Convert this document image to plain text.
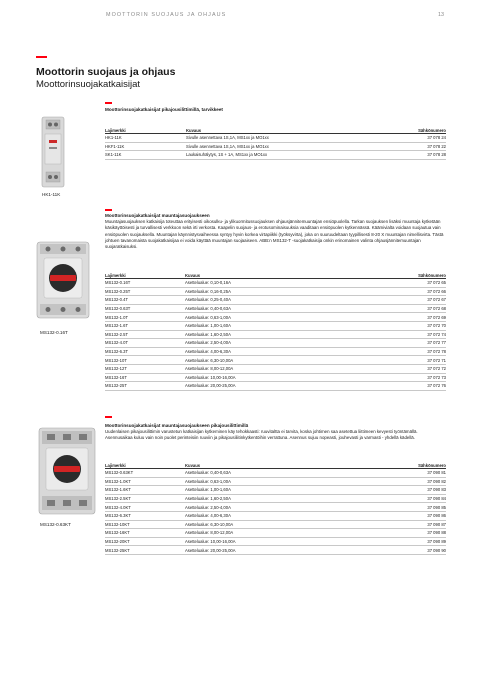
MOOTTORIN SUOJAUS JA OHJAUS	13
Moottorin suojaus ja ohjaus
Moottorinsuojakatkaisijat
Moottorinsuojakatkaisijat pikajousilittimillä, tarvikkeet
HK1-11K
Lajimerkki	Kuvaus	Sähkönumero
HK1-11K	Sivulle asennettava 1S,1A, MS1xx ja MO1xx	37 078 24
HKF1-11K	Sivulle asennettava 1S,1A, MS1xx ja MO1xx	37 078 22
SK1-11K	Laukaisuhälytys, 1S + 1A, MS1xx ja MO1xx	37 078 28
Moottorinsuojakatkaisijat mauntajasuojaukseen
Muuntajasuojauksen katkaisija toteuttaa erityisesti oikosulku- ja ylikuormitussuojauksen ohjausjännitemuuntajan ensiöpuolella. Tarkan suojauksen lisäksi muuntaja kytketään käsikäyttöisesti ja turvallisesti verkkoon sekä irti verkosta. Kaapelin suojaus- ja erotusominaisuuksia vaaditaan ensiöpuolen kytkennässä. Käämivialta voidaan suojautua vain ensiöpuolen suojauksella. Muuntajan käynnistysvaiheessa syntyy hyvin korkea virtapiikki (työksyvirta), joka on suuruudeltaan tyypillisesti 8-20 X muuntajan nimellisvirta. Tästä johtuen tavanomaista suojakatkaisijaa ei voida käyttää muuntajan suojaaiseen. ABB:n MS132-T -suojakatkaisija onkin erinomainen valinta ohjausjännitemuuntajan suojaratkaisuksi.
MS132-0.16T
Lajimerkki	Kuvaus	Sähkönumero
MS132-0.16T	Asettelualue: 0,10-0,16A	37 072 65
MS132-0.25T	Asettelualue: 0,16-0,25A	37 072 66
MS132-0.4T	Asettelualue: 0,25-0,40A	37 072 67
MS132-0.63T	Asettelualue: 0,40-0,63A	37 072 68
MS132-1.0T	Asettelualue: 0,63-1,00A	37 072 69
MS132-1.6T	Asettelualue: 1,00-1,60A	37 072 70
MS132-2.5T	Asettelualue: 1,60-2,50A	37 072 74
MS132-4.0T	Asettelualue: 2,50-4,00A	37 072 77
MS132-6.3T	Asettelualue: 4,00-6,30A	37 072 78
MS132-10T	Asettelualue: 6,30-10,00A	37 072 71
MS132-12T	Asettelualue: 8,00-12,00A	37 072 72
MS132-16T	Asettelualue: 10,00-16,00A	37 072 73
MS132-25T	Asettelualue: 20,00-25,00A	37 072 76
Moottorinsuojakatkaisijat mauntajasuojaukseen pikajousilittimillä
Uudenlaisen pikajousilittimin varustetun katkaisijan kytkeminen käy tehokkaasti: ruuvitaltta ei tarvita, koska johtimen saa asetettua liittimeen kevyesti työntämällä. Asennusaikaa kuluu vain noin puolet perinteisiin ruuviin ja pikajousiliitinkytkentöihin verrattuna. Asennus sujuu nopeasti, jouhevasti ja varmasti - yhdellä kädellä.
MS132-0.63KT
Lajimerkki	Kuvaus	Sähkönumero
MS132-0.63KT	Asettelualue: 0,40-0,63A	37 090 81
MS132-1.0KT	Asettelualue: 0,63-1,00A	37 090 82
MS132-1.6KT	Asettelualue: 1,00-1,60A	37 090 83
MS132-2.5KT	Asettelualue: 1,60-2,50A	37 090 84
MS132-4.0KT	Asettelualue: 2,50-4,00A	37 090 85
MS132-6.3KT	Asettelualue: 4,00-6,30A	37 090 86
MS132-10KT	Asettelualue: 6,30-10,00A	37 090 87
MS132-16KT	Asettelualue: 8,00-12,00A	37 090 88
MS132-20KT	Asettelualue: 10,00-16,00A	37 090 89
MS132-25KT	Asettelualue: 20,00-25,00A	37 090 90
